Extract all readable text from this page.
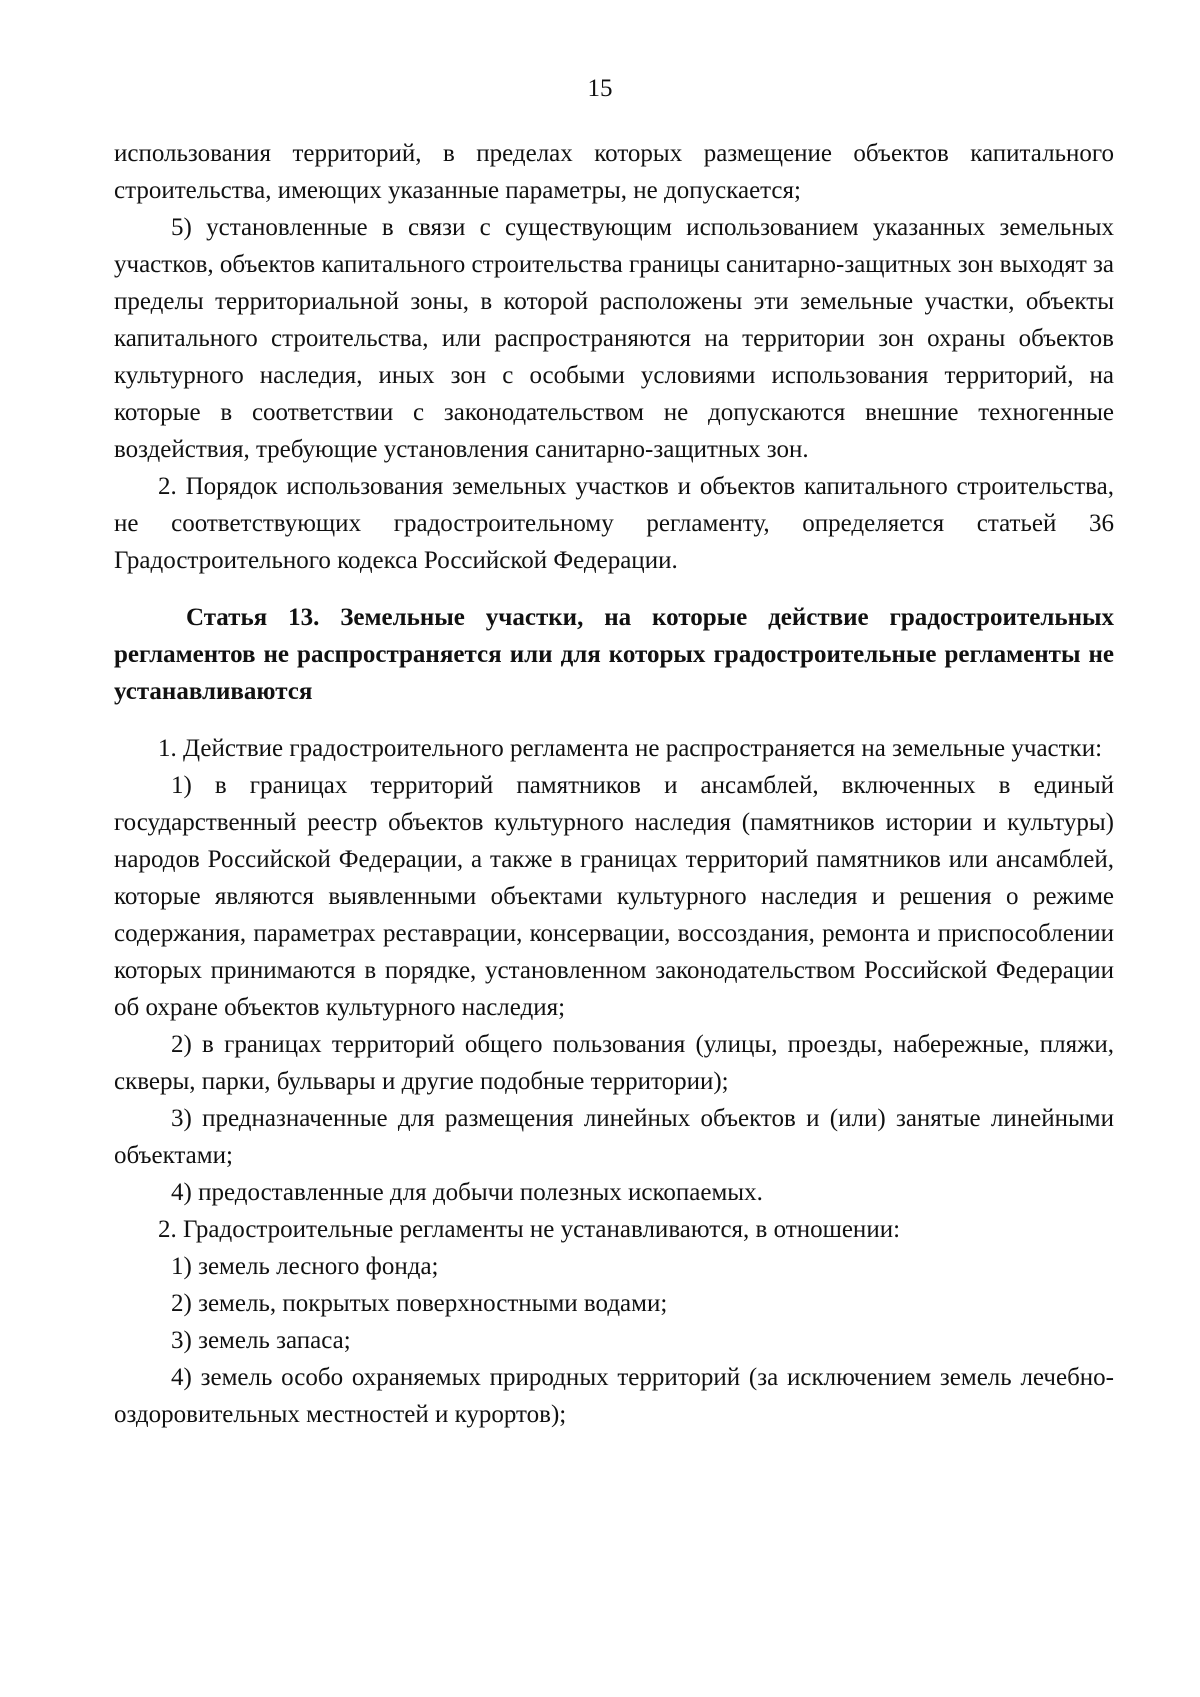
15

использования территорий, в пределах которых размещение объектов капитального строительства, имеющих указанные параметры, не допускается;

5) установленные в связи с существующим использованием указанных земельных участков, объектов капитального строительства границы санитарно-защитных зон выходят за пределы территориальной зоны, в которой расположены эти земельные участки, объекты капитального строительства, или распространяются на территории зон охраны объектов культурного наследия, иных зон с особыми условиями использования территорий, на которые в соответствии с законодательством не допускаются внешние техногенные воздействия, требующие установления санитарно-защитных зон.

2. Порядок использования земельных участков и объектов капитального строительства, не соответствующих градостроительному регламенту, определяется статьей 36 Градостроительного кодекса Российской Федерации.

Статья 13. Земельные участки, на которые действие градостроительных регламентов не распространяется или для которых градостроительные регламенты не устанавливаются

1. Действие градостроительного регламента не распространяется на земельные участки:

1) в границах территорий памятников и ансамблей, включенных в единый государственный реестр объектов культурного наследия (памятников истории и культуры) народов Российской Федерации, а также в границах территорий памятников или ансамблей, которые являются выявленными объектами культурного наследия и решения о режиме содержания, параметрах реставрации, консервации, воссоздания, ремонта и приспособлении которых принимаются в порядке, установленном законодательством Российской Федерации об охране объектов культурного наследия;

2) в границах территорий общего пользования (улицы, проезды, набережные, пляжи, скверы, парки, бульвары и другие подобные территории);

3) предназначенные для размещения линейных объектов и (или) занятые линейными объектами;

4) предоставленные для добычи полезных ископаемых.

2. Градостроительные регламенты не устанавливаются, в отношении:

1) земель лесного фонда;

2) земель, покрытых поверхностными водами;

3) земель запаса;

4) земель особо охраняемых природных территорий (за исключением земель лечебно-оздоровительных местностей и курортов);
